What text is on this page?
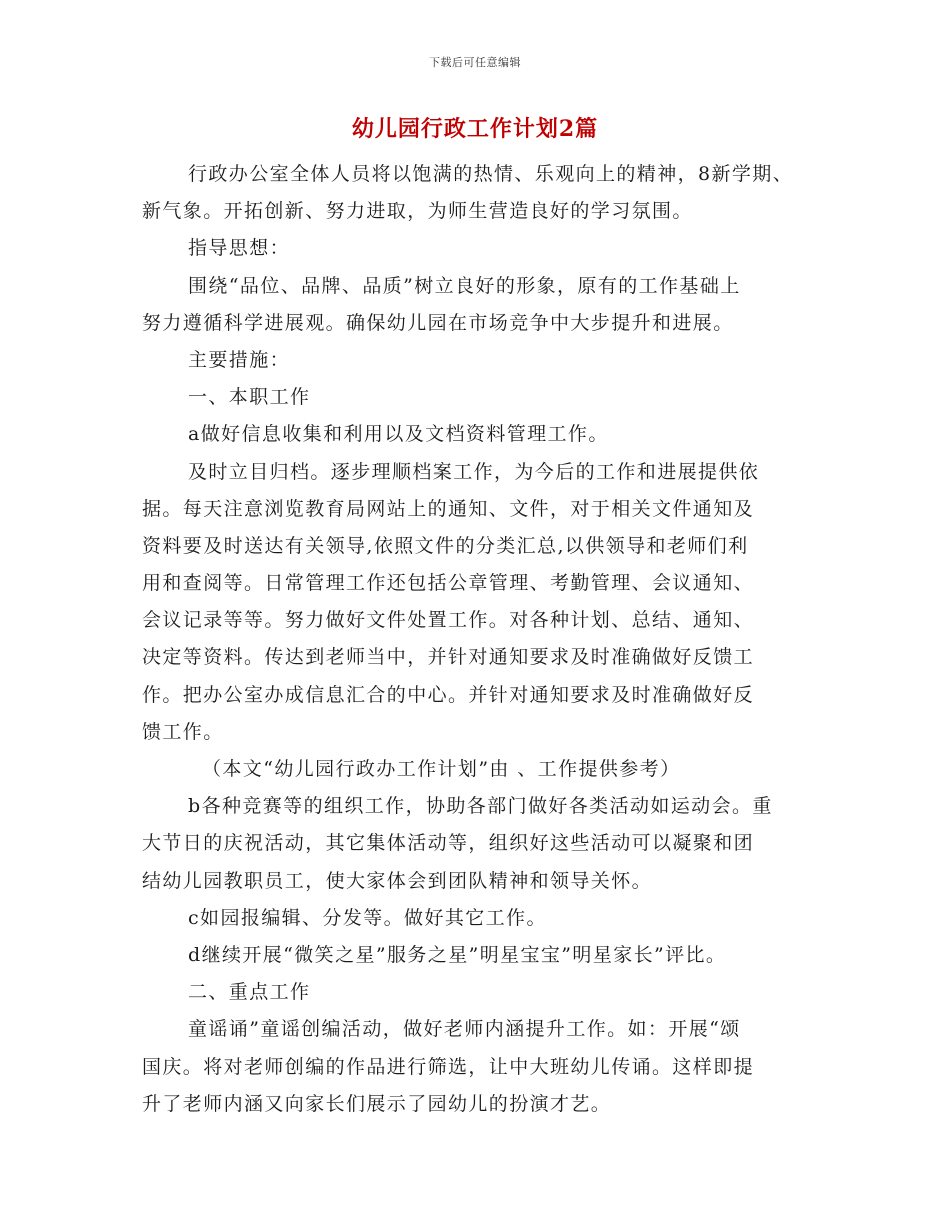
下载后可任意编辑
幼儿园行政工作计划2篇
行政办公室全体人员将以饱满的热情、乐观向上的精神，8新学期、
新气象。开拓创新、努力进取，为师生营造良好的学习氛围。
指导思想：
围绕“品位、品牌、品质”树立良好的形象，原有的工作基础上
努力遵循科学进展观。确保幼儿园在市场竞争中大步提升和进展。
主要措施：
一、本职工作
a做好信息收集和利用以及文档资料管理工作。
及时立目归档。逐步理顺档案工作，为今后的工作和进展提供依
据。每天注意浏览教育局网站上的通知、文件，对于相关文件通知及
资料要及时送达有关领导,依照文件的分类汇总,以供领导和老师们利
用和查阅等。日常管理工作还包括公章管理、考勤管理、会议通知、
会议记录等等。努力做好文件处置工作。对各种计划、总结、通知、
决定等资料。传达到老师当中，并针对通知要求及时准确做好反馈工
作。把办公室办成信息汇合的中心。并针对通知要求及时准确做好反
馈工作。
（本文“幼儿园行政办工作计划”由 、工作提供参考）
b各种竞赛等的组织工作，协助各部门做好各类活动如运动会。重
大节日的庆祝活动，其它集体活动等，组织好这些活动可以凝聚和团
结幼儿园教职员工，使大家体会到团队精神和领导关怀。
c如园报编辑、分发等。做好其它工作。
d继续开展“微笑之星”服务之星”明星宝宝”明星家长”评比。
二、重点工作
童谣诵”童谣创编活动，做好老师内涵提升工作。如：开展“颂
国庆。将对老师创编的作品进行筛选，让中大班幼儿传诵。这样即提
升了老师内涵又向家长们展示了园幼儿的扮演才艺。
